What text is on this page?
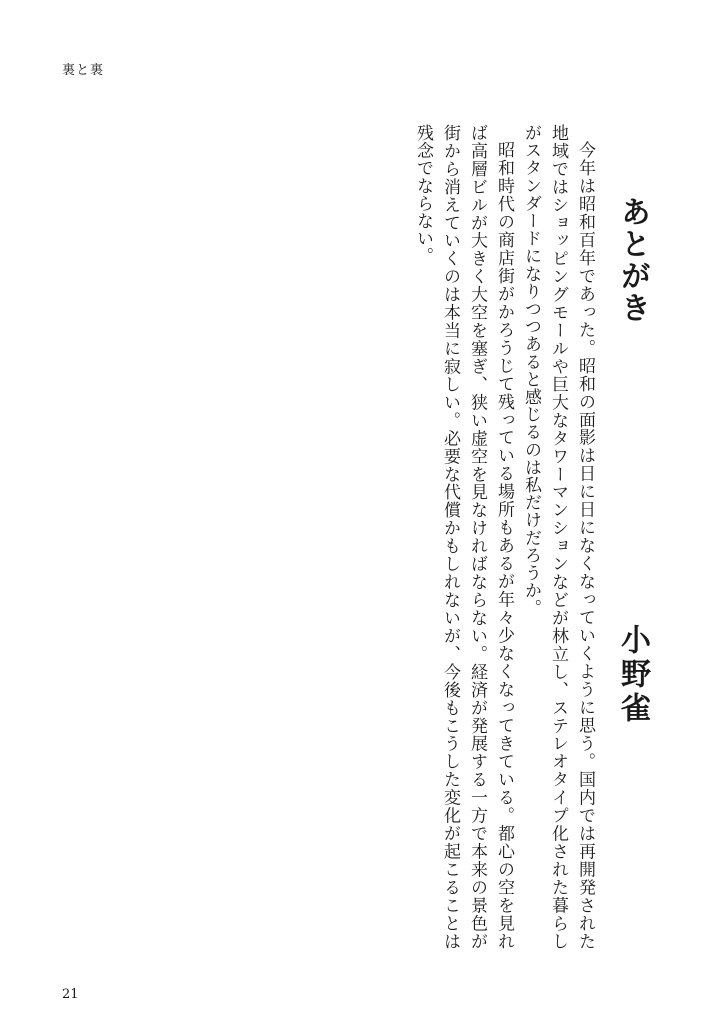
裏と裏
あとがき
小野雀

今年は昭和百年であった。昭和の面影は日に日になくなっていくように思う。国内では再開発された地域ではショッピングモールや巨大なタワーマンションなどが林立し、ステレオタイプ化された暮らしがスタンダードになりつつあると感じるのは私だけだろうか。

昭和時代の商店街がかろうじて残っている場所もあるが年々少なくなってきている。都心の空を見れば高層ビルが大きく大空を塞ぎ、狭い虚空を見なければならない。経済が発展する一方で本来の景色が街から消えていくのは本当に寂しい。必要な代償かもしれないが、今後もこうした変化が起こることは残念でならない。

21
